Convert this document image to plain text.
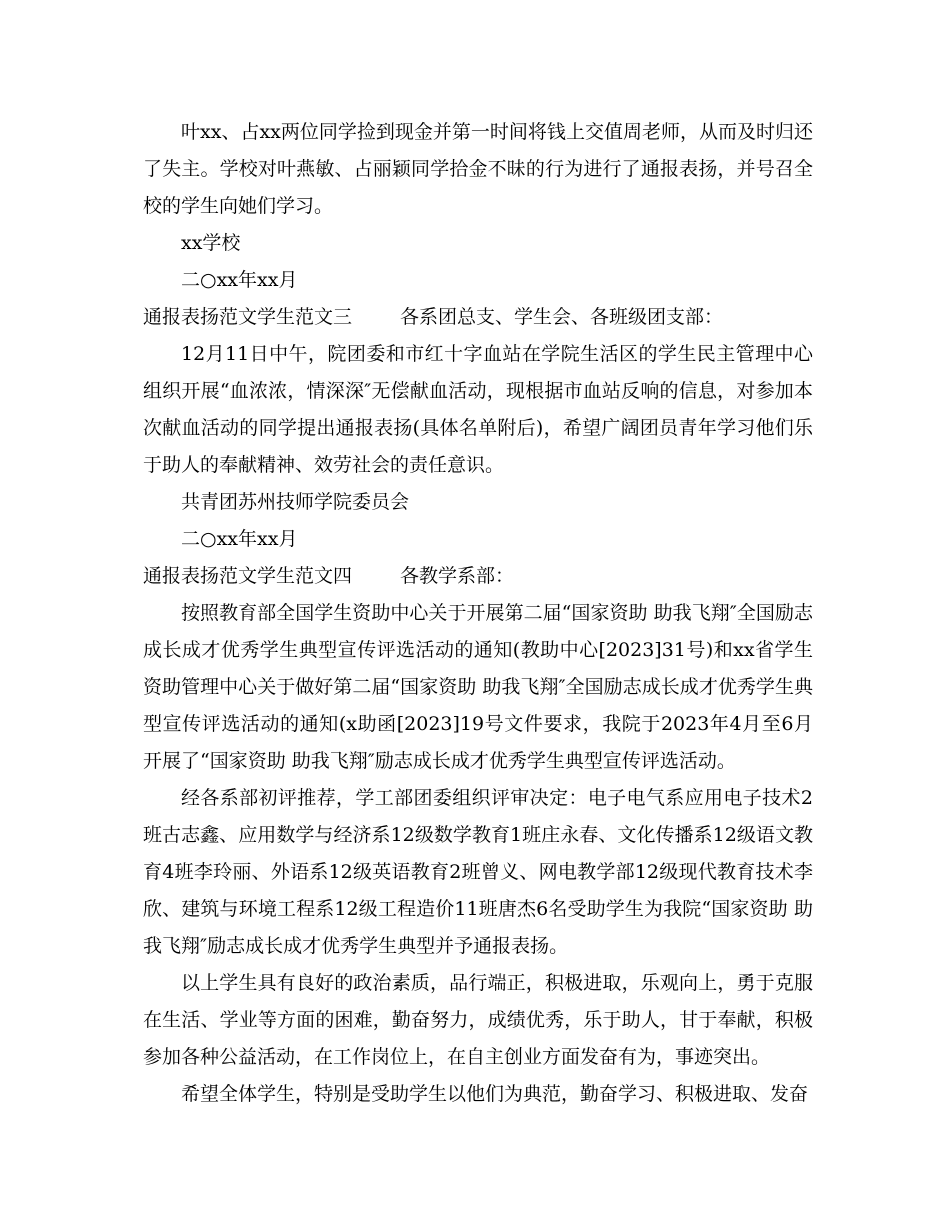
叶xx、占xx两位同学捡到现金并第一时间将钱上交值周老师，从而及时归还了失主。学校对叶燕敏、占丽颖同学拾金不昧的行为进行了通报表扬，并号召全校的学生向她们学习。

xx学校

二○xx年xx月

通报表扬范文学生范文三	各系团总支、学生会、各班级团支部：

12月11日中午，院团委和市红十字血站在学院生活区的学生民主管理中心组织开展“血浓浓，情深深″无偿献血活动，现根据市血站反响的信息，对参加本次献血活动的同学提出通报表扬(具体名单附后)，希望广阔团员青年学习他们乐于助人的奉献精神、效劳社会的责任意识。

共青团苏州技师学院委员会

二○xx年xx月

通报表扬范文学生范文四	各教学系部：

按照教育部全国学生资助中心关于开展第二届“国家资助 助我飞翔″全国励志成长成才优秀学生典型宣传评选活动的通知(教助中心[2023]31号)和xx省学生资助管理中心关于做好第二届“国家资助 助我飞翔″全国励志成长成才优秀学生典型宣传评选活动的通知(x助函[2023]19号文件要求，我院于2023年4月至6月开展了“国家资助 助我飞翔″励志成长成才优秀学生典型宣传评选活动。

经各系部初评推荐，学工部团委组织评审决定：电子电气系应用电子技术2班古志鑫、应用数学与经济系12级数学教育1班庄永春、文化传播系12级语文教育4班李玲丽、外语系12级英语教育2班曾义、网电教学部12级现代教育技术李欣、建筑与环境工程系12级工程造价11班唐杰6名受助学生为我院“国家资助 助我飞翔″励志成长成才优秀学生典型并予通报表扬。

以上学生具有良好的政治素质，品行端正，积极进取，乐观向上，勇于克服在生活、学业等方面的困难，勤奋努力，成绩优秀，乐于助人，甘于奉献，积极参加各种公益活动，在工作岗位上，在自主创业方面发奋有为，事迹突出。

希望全体学生，特别是受助学生以他们为典范，勤奋学习、积极进取、发奋
